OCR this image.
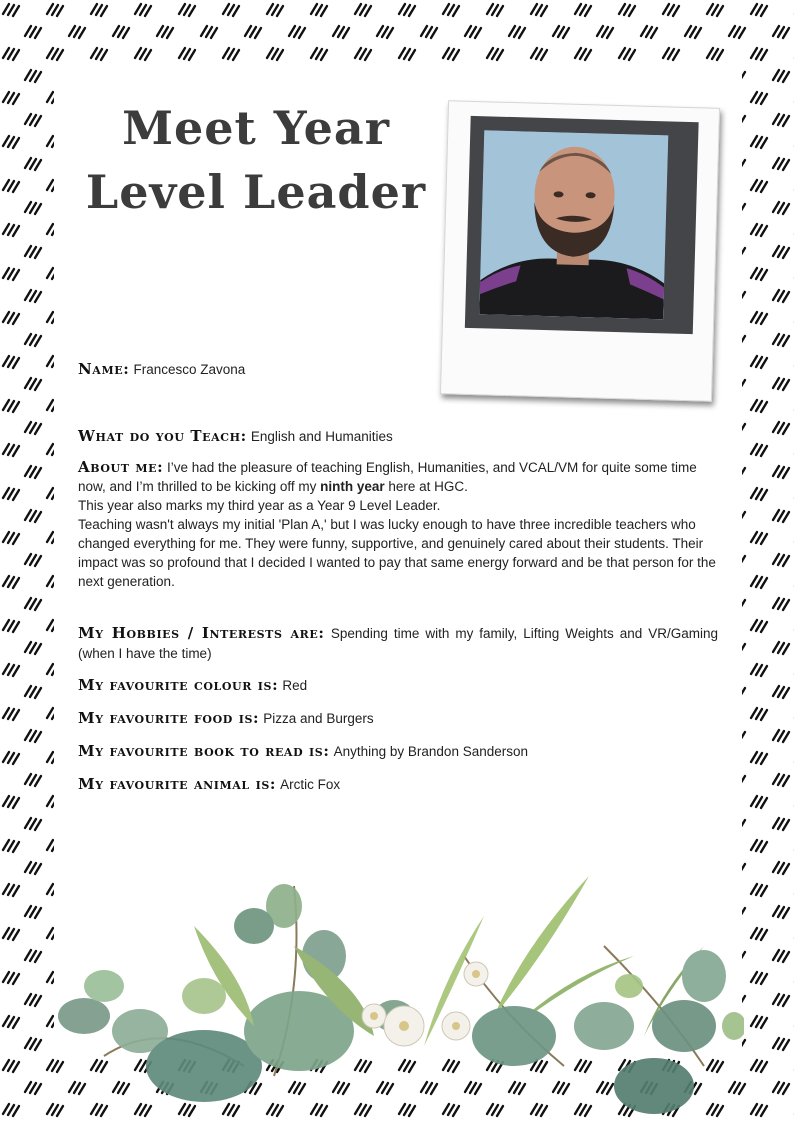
Meet Year
Level Leader
Name: Francesco Zavona
What do you Teach: English and Humanities

About me: I’ve had the pleasure of teaching English, Humanities, and VCAL/VM for quite some time now, and I’m thrilled to be kicking off my ninth year here at HGC.

This year also marks my third year as a Year 9 Level Leader.

Teaching wasn't always my initial 'Plan A,' but I was lucky enough to have three incredible teachers who changed everything for me. They were funny, supportive, and genuinely cared about their students. Their impact was so profound that I decided I wanted to pay that same energy forward and be that person for the next generation.

My Hobbies / Interests are: Spending time with my family, Lifting Weights and VR/Gaming (when I have the time)
My favourite colour is: Red
My favourite food is: Pizza and Burgers
My favourite book to read is: Anything by Brandon Sanderson
My favourite animal is: Arctic Fox
